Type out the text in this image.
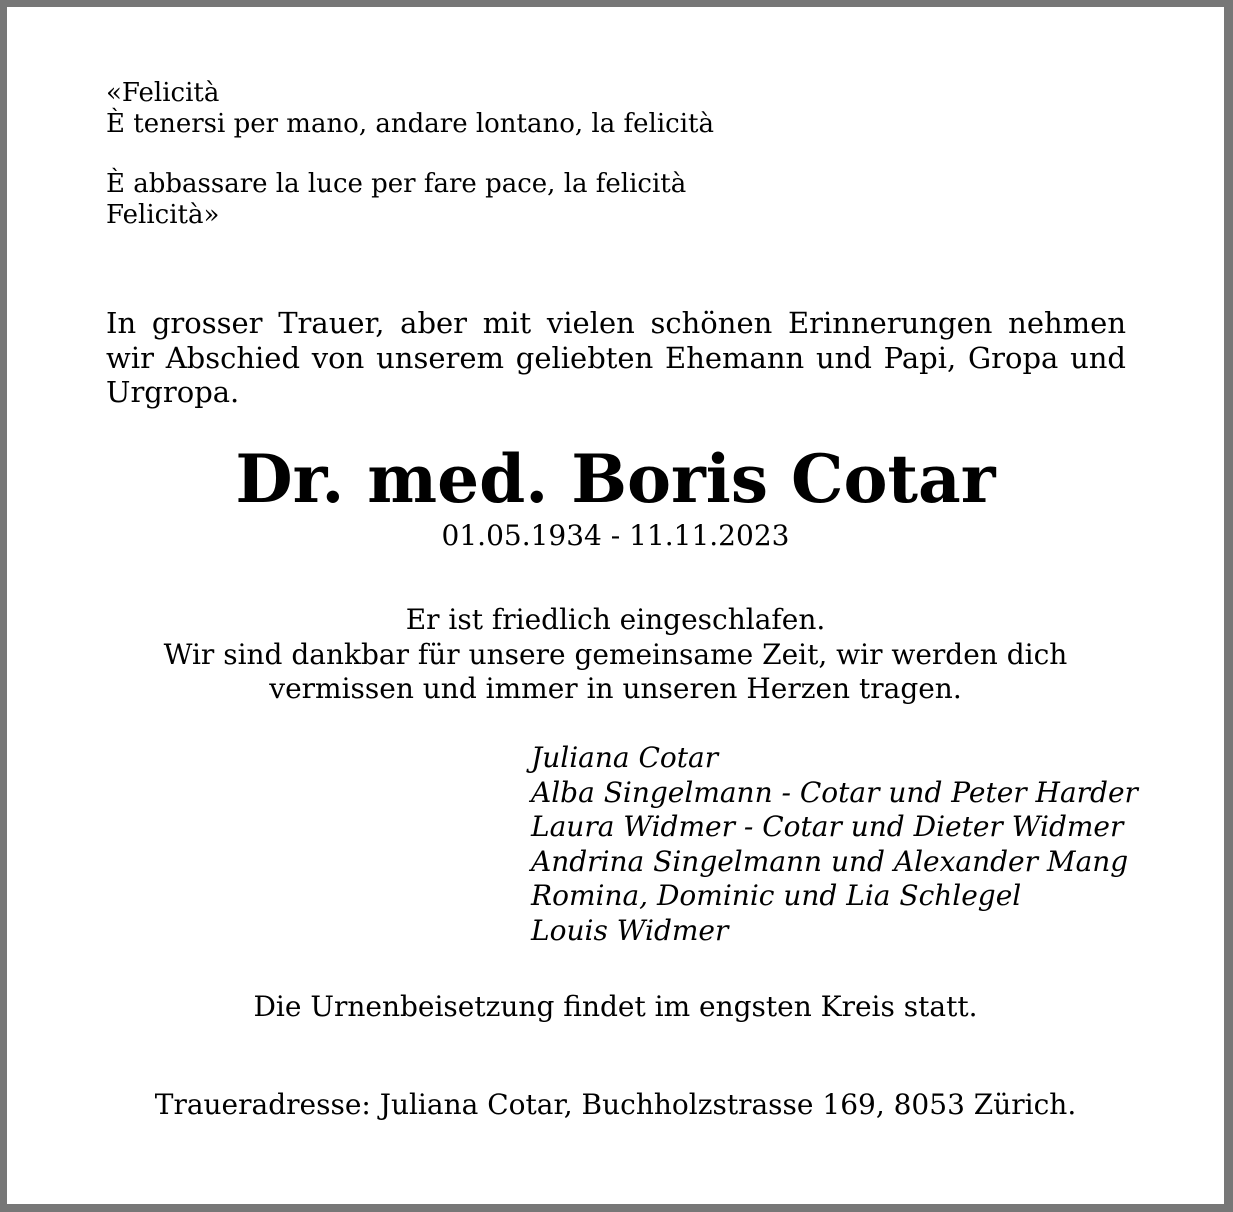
«Felicità
È tenersi per mano, andare lontano, la felicità
È abbassare la luce per fare pace, la felicità
Felicità»
In grosser Trauer, aber mit vielen schönen Erinnerungen nehmen wir Abschied von unserem geliebten Ehemann und Papi, Gropa und Urgropa.
Dr. med. Boris Cotar
01.05.1934 - 11.11.2023
Er ist friedlich eingeschlafen.
Wir sind dankbar für unsere gemeinsame Zeit, wir werden dich
vermissen und immer in unseren Herzen tragen.
Juliana Cotar
Alba Singelmann - Cotar und Peter Harder
Laura Widmer - Cotar und Dieter Widmer
Andrina Singelmann und Alexander Mang
Romina, Dominic und Lia Schlegel
Louis Widmer
Die Urnenbeisetzung findet im engsten Kreis statt.
Traueradresse: Juliana Cotar, Buchholzstrasse 169, 8053 Zürich.
